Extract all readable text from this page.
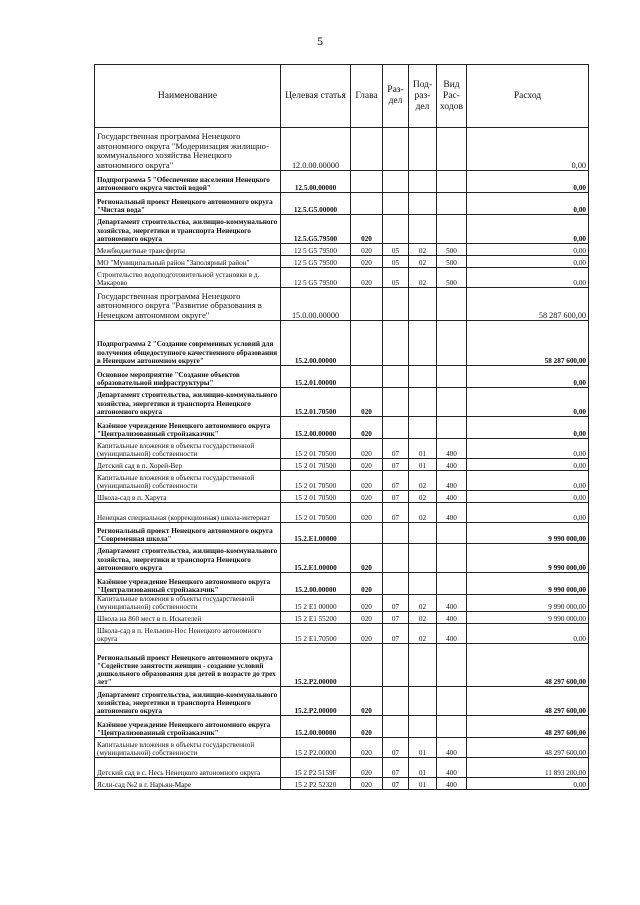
5
Наименование	Целевая статья	Глава	Раз-дел	Под-раз-дел	Вид Рас-ходов	Расход
Государственная программа Ненецкого автономного округа "Модернизация жилищно-коммунального хозяйства Ненецкого автономного округа"	12.0.00.00000					0,00
Подпрограмма 5 "Обеспечение населения Ненецкого автономного округа чистой водой"	12.5.00.00000					0,00
Региональный проект Ненецкого автономного округа "Чистая вода"	12.5.G5.00000					0,00
Департамент строительства, жилищно-коммунального хозяйства, энергетики и транспорта Ненецкого автономного округа	12.5.G5.79500	020				0,00
Межбюджетные трансферты	12 5 G5 79500	020	05	02	500	0,00
МО "Муниципальный район "Заполярный район"	12 5 G5 79500	020	05	02	500	0,00
Строительство водоподготовительной установки в д. Макарово	12 5 G5 79500	020	05	02	500	0,00
Государственная программа Ненецкого автономного округа "Развитие образования в Ненецком автономном округе"	15.0.00.00000					58 287 600,00
Подпрограмма 2 "Создание современных условий для получения общедоступного качественного образования в Ненецком автономном округе"	15.2.00.00000					58 287 600,00
Основное мероприятие "Создание объектов образовательной инфраструктуры"	15.2.01.00000					0,00
Департамент строительства, жилищно-коммунального хозяйства, энергетики и транспорта Ненецкого автономного округа	15.2.01.70500	020				0,00
Казённое учреждение Ненецкого автономного округа "Централизованный стройзаказчик"	15.2.00.00000	020				0,00
Капитальные вложения в объекты государственной (муниципальной) собственности	15 2 01 70500	020	07	01	400	0,00
Детский сад в п. Хорей-Вер	15 2 01 70500	020	07	01	400	0,00
Капитальные вложения в объекты государственной (муниципальной) собственности	15 2 01 70500	020	07	02	400	0,00
Школа-сад в п. Харута	15 2 01 70500	020	07	02	400	0,00
Ненецкая специальная (коррекционная) школа-интернат	15 2 01 70500	020	07	02	400	0,00
Региональный проект Ненецкого автономного округа "Современная школа"	15.2.E1.00000					9 990 000,00
Департамент строительства, жилищно-коммунального хозяйства, энергетики и транспорта Ненецкого автономного округа	15.2.E1.00000	020				9 990 000,00
Казённое учреждение Ненецкого автономного округа "Централизованный стройзаказчик"	15.2.00.00000	020				9 990 000,00
Капитальные вложения в объекты государственной (муниципальной) собственности	15 2 E1 00000	020	07	02	400	9 990 000,00
Школа на 860 мест в п. Искателей	15 2 E1 55200	020	07	02	400	9 990 000,00
Школа-сад в п. Нельмин-Нос Ненецкого автономного округа	15 2 E1.70500	020	07	02	400	0,00
Региональный проект Ненецкого автономного округа "Содействие занятости женщин - создание условий дошкольного образования для детей в возрасте до трех лет"	15.2.P2.00000					48 297 600,00
Департамент строительства, жилищно-коммунального хозяйства, энергетики и транспорта Ненецкого автономного округа	15.2.P2.00000	020				48 297 600,00
Казённое учреждение Ненецкого автономного округа "Централизованный стройзаказчик"	15.2.00.00000	020				48 297 600,00
Капитальные вложения в объекты государственной (муниципальной) собственности	15 2 P2.00000	020	07	01	400	48 297 600,00
Детский сад в с. Несь Ненецкого автономного округа	15 2 P2 5159F	020	07	01	400	11 893 200,00
Ясли-сад №2 в г. Нарьян-Маре	15 2 P2 52320	020	07	01	400	0,00
